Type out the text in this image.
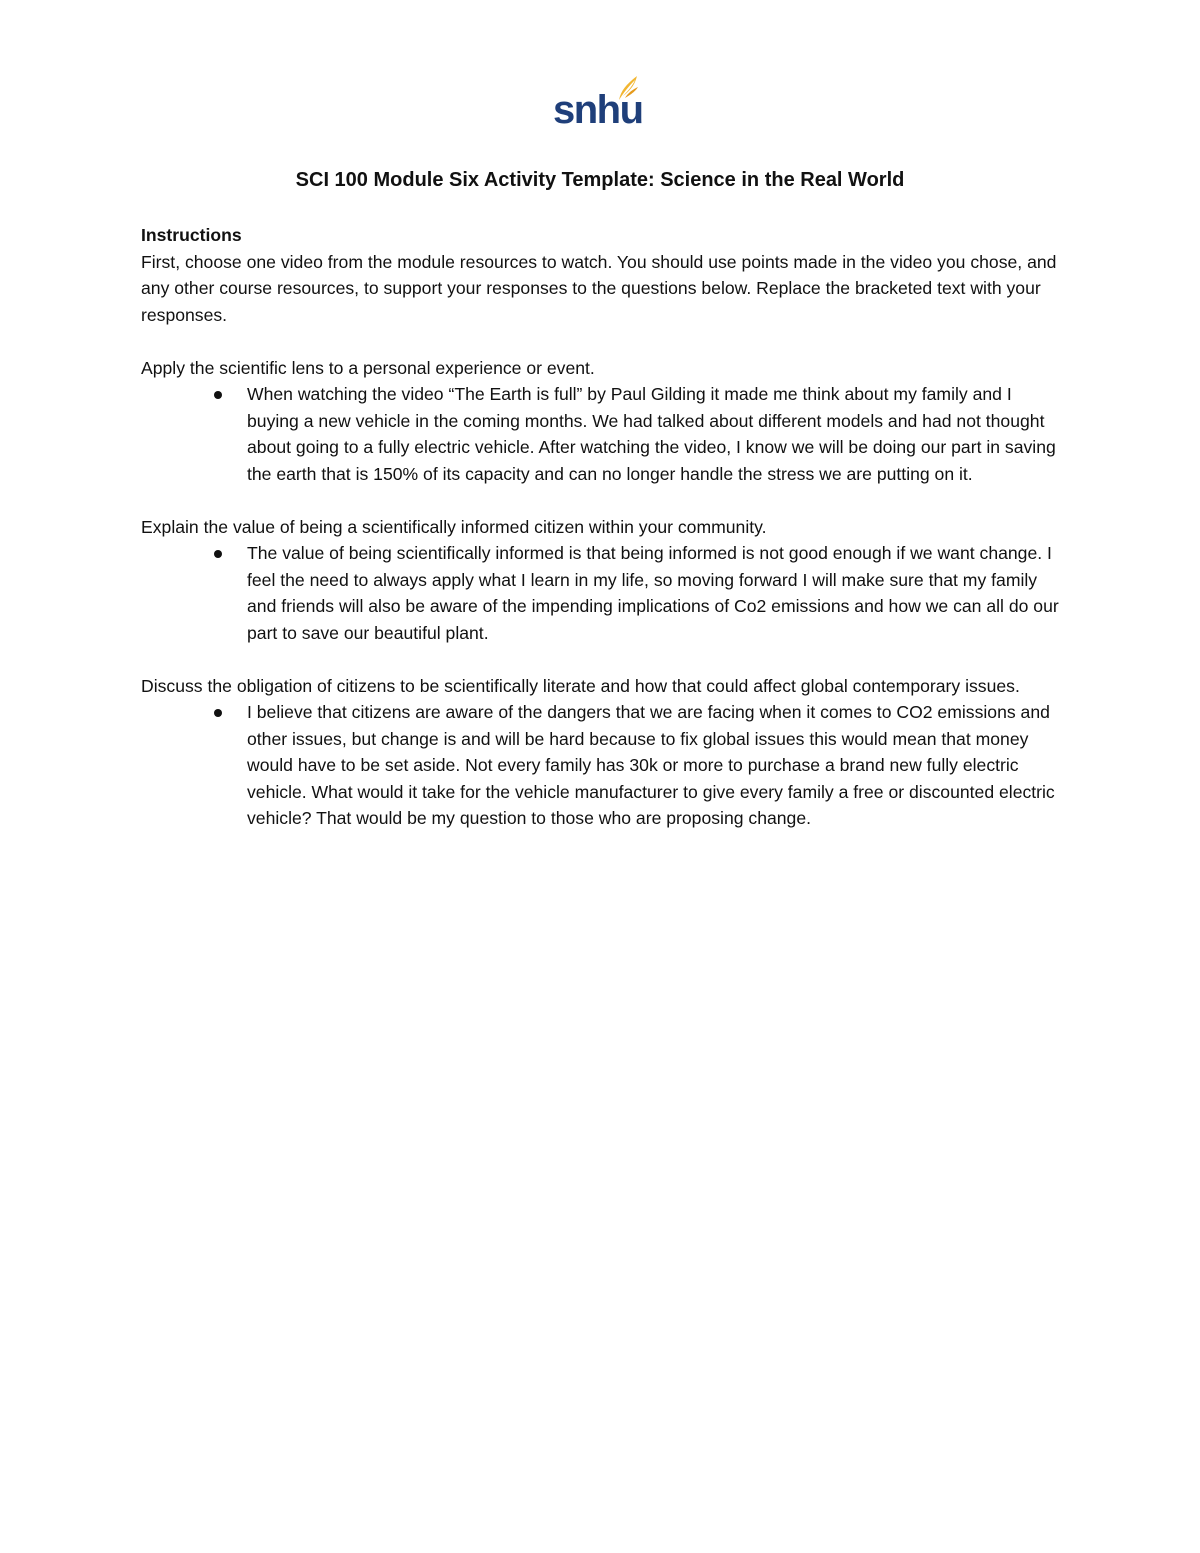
snhu
SCI 100 Module Six Activity Template: Science in the Real World

Instructions

First, choose one video from the module resources to watch. You should use points made in the video you chose, and any other course resources, to support your responses to the questions below. Replace the bracketed text with your responses.

Apply the scientific lens to a personal experience or event.

When watching the video “The Earth is full” by Paul Gilding it made me think about my family and I buying a new vehicle in the coming months. We had talked about different models and had not thought about going to a fully electric vehicle. After watching the video, I know we will be doing our part in saving the earth that is 150% of its capacity and can no longer handle the stress we are putting on it.

Explain the value of being a scientifically informed citizen within your community.

The value of being scientifically informed is that being informed is not good enough if we want change. I feel the need to always apply what I learn in my life, so moving forward I will make sure that my family and friends will also be aware of the impending implications of Co2 emissions and how we can all do our part to save our beautiful plant.

Discuss the obligation of citizens to be scientifically literate and how that could affect global contemporary issues.

I believe that citizens are aware of the dangers that we are facing when it comes to CO2 emissions and other issues, but change is and will be hard because to fix global issues this would mean that money would have to be set aside. Not every family has 30k or more to purchase a brand new fully electric vehicle. What would it take for the vehicle manufacturer to give every family a free or discounted electric vehicle? That would be my question to those who are proposing change.
